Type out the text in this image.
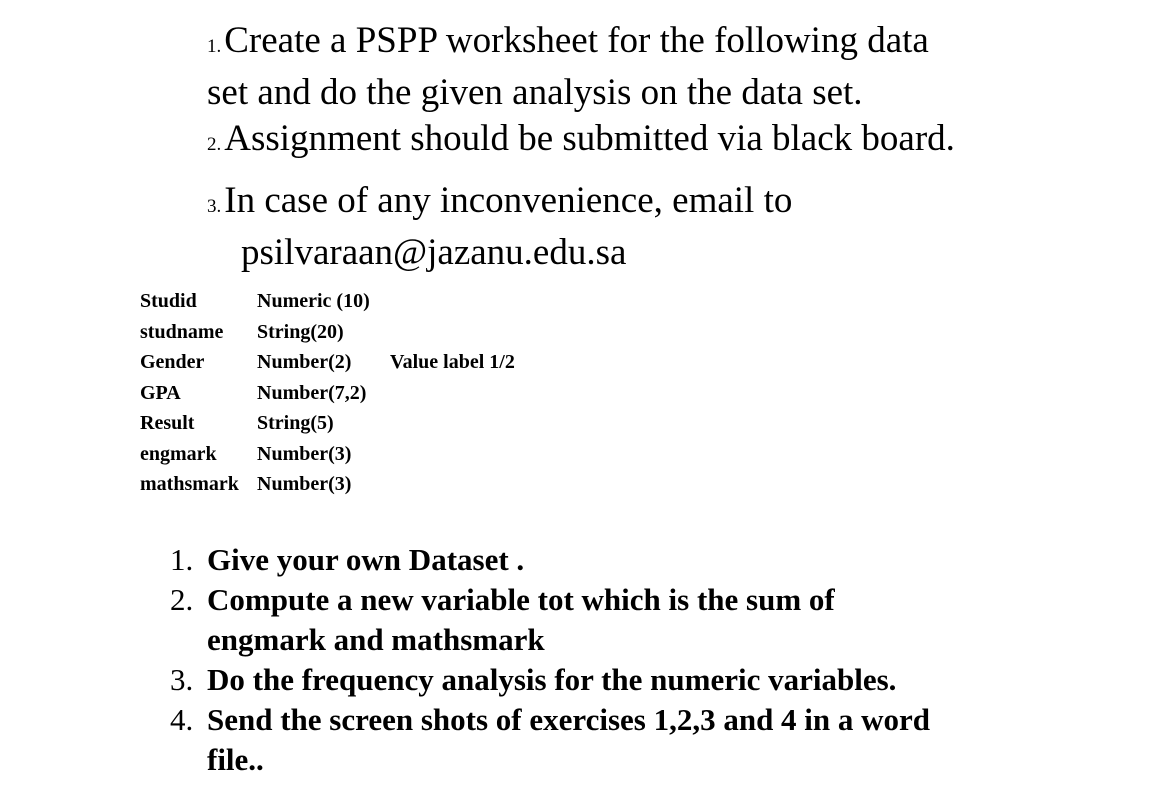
1. Create a PSPP worksheet for the following data
set and do the given analysis on the data set.
2. Assignment should be submitted via black board.
3. In case of any inconvenience, email to
psilvaraan@jazanu.edu.sa
Studid	Numeric (10)
studname	String(20)
Gender	Number(2)	Value label 1/2
GPA	Number(7,2)
Result	String(5)
engmark	Number(3)
mathsmark Number(3)
1. Give your own Dataset .
2. Compute a new variable tot which is the sum of
engmark and mathsmark
3. Do the frequency analysis for the numeric variables.
4. Send the screen shots of exercises 1,2,3 and 4 in a word
file..
